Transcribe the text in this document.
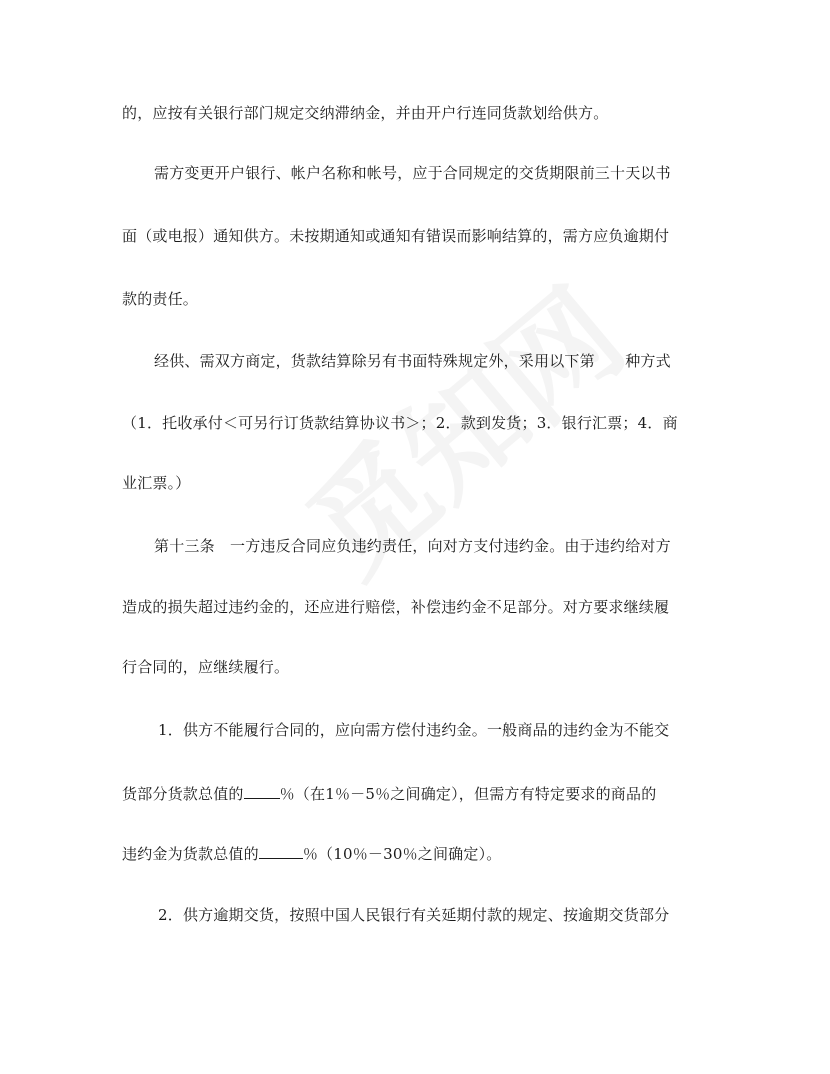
的，应按有关银行部门规定交纳滞纳金，并由开户行连同货款划给供方。
需方变更开户银行、帐户名称和帐号，应于合同规定的交货期限前三十天以书
面（或电报）通知供方。未按期通知或通知有错误而影响结算的，需方应负逾期付
款的责任。
经供、需双方商定，货款结算除另有书面特殊规定外，采用以下第　　种方式
（1．托收承付＜可另行订货款结算协议书＞；2．款到发货；3．银行汇票；4．商
业汇票。）
第十三条　一方违反合同应负违约责任，向对方支付违约金。由于违约给对方
造成的损失超过违约金的，还应进行赔偿，补偿违约金不足部分。对方要求继续履
行合同的，应继续履行。
1．供方不能履行合同的，应向需方偿付违约金。一般商品的违约金为不能交
货部分货款总值的 ％（在1％－5％之间确定），但需方有特定要求的商品的
违约金为货款总值的	％（10％－30％之间确定）。
2．供方逾期交货，按照中国人民银行有关延期付款的规定、按逾期交货部分
